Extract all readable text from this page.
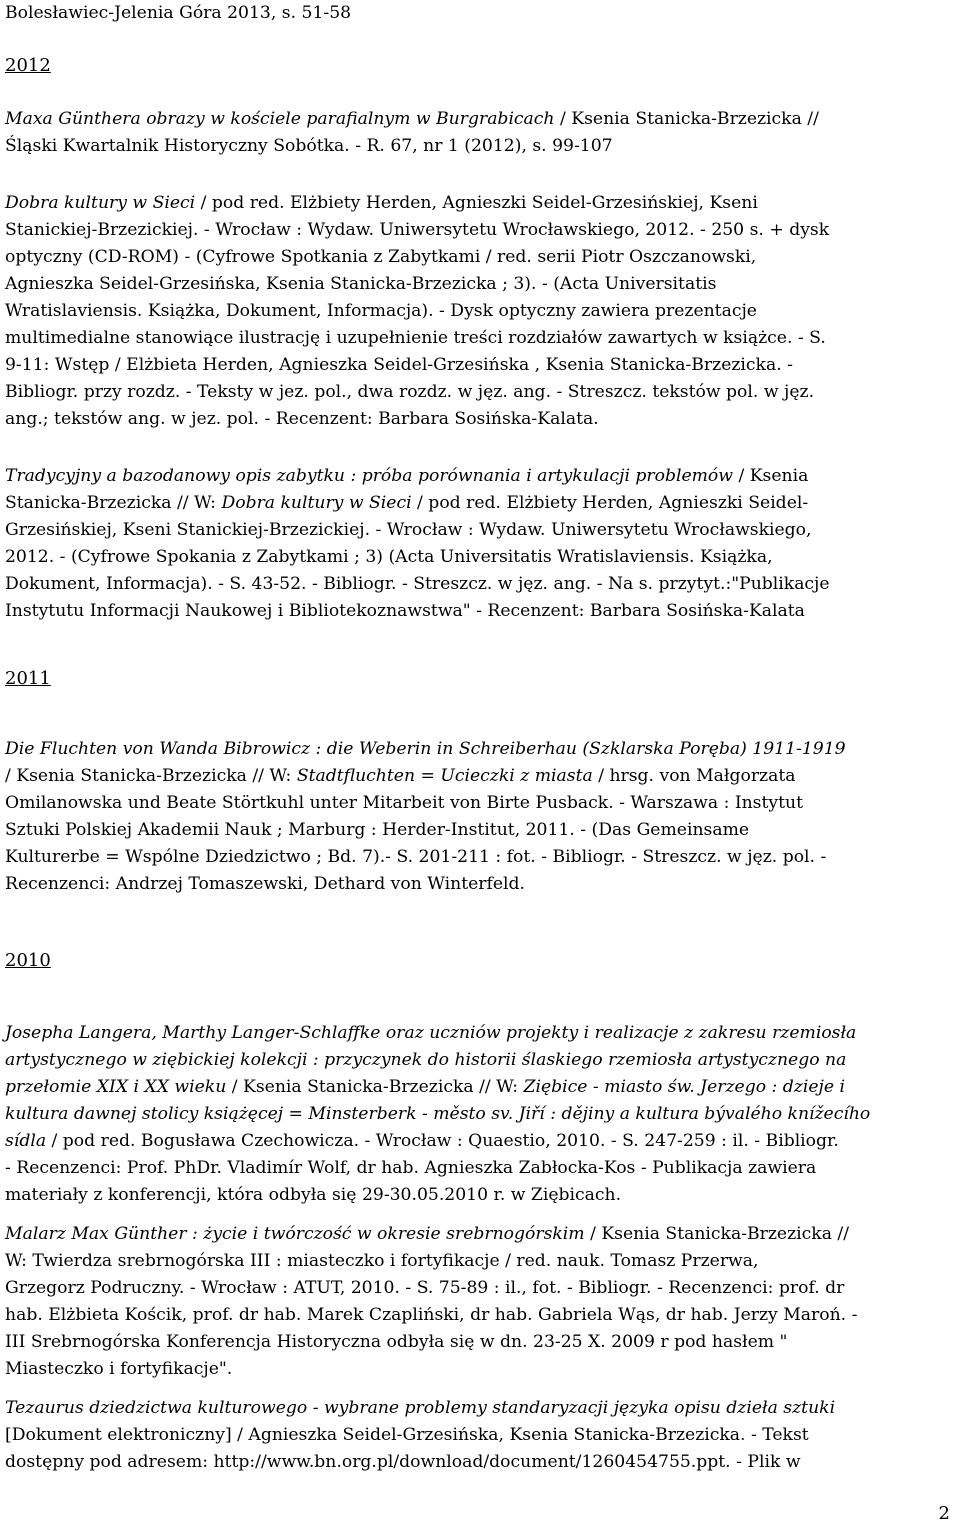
Bolesławiec-Jelenia Góra 2013, s. 51-58
2012
Maxa Günthera obrazy w kościele parafialnym w Burgrabicach / Ksenia Stanicka-Brzezicka //
Śląski Kwartalnik Historyczny Sobótka. - R. 67, nr 1 (2012), s. 99-107
Dobra kultury w Sieci / pod red. Elżbiety Herden, Agnieszki Seidel-Grzesińskiej, Kseni
Stanickiej-Brzezickiej. - Wrocław : Wydaw. Uniwersytetu Wrocławskiego, 2012. - 250 s. + dysk
optyczny (CD-ROM) - (Cyfrowe Spotkania z Zabytkami / red. serii Piotr Oszczanowski,
Agnieszka Seidel-Grzesińska, Ksenia Stanicka-Brzezicka ; 3). - (Acta Universitatis
Wratislaviensis. Książka, Dokument, Informacja). - Dysk optyczny zawiera prezentacje
multimedialne stanowiące ilustrację i uzupełnienie treści rozdziałów zawartych w książce. - S.
9-11: Wstęp / Elżbieta Herden, Agnieszka Seidel-Grzesińska , Ksenia Stanicka-Brzezicka. -
Bibliogr. przy rozdz. - Teksty w jez. pol., dwa rozdz. w jęz. ang. - Streszcz. tekstów pol. w jęz.
ang.; tekstów ang. w jez. pol. - Recenzent: Barbara Sosińska-Kalata.
Tradycyjny a bazodanowy opis zabytku : próba porównania i artykulacji problemów / Ksenia
Stanicka-Brzezicka // W: Dobra kultury w Sieci / pod red. Elżbiety Herden, Agnieszki Seidel-
Grzesińskiej, Kseni Stanickiej-Brzezickiej. - Wrocław : Wydaw. Uniwersytetu Wrocławskiego,
2012. - (Cyfrowe Spokania z Zabytkami ; 3) (Acta Universitatis Wratislaviensis. Książka,
Dokument, Informacja). - S. 43-52. - Bibliogr. - Streszcz. w jęz. ang. - Na s. przytyt.:"Publikacje
Instytutu Informacji Naukowej i Bibliotekoznawstwa" - Recenzent: Barbara Sosińska-Kalata
2011
Die Fluchten von Wanda Bibrowicz : die Weberin in Schreiberhau (Szklarska Poręba) 1911-1919
/ Ksenia Stanicka-Brzezicka // W: Stadtfluchten = Ucieczki z miasta / hrsg. von Małgorzata
Omilanowska und Beate Störtkuhl unter Mitarbeit von Birte Pusback. - Warszawa : Instytut
Sztuki Polskiej Akademii Nauk ; Marburg : Herder-Institut, 2011. - (Das Gemeinsame
Kulturerbe = Wspólne Dziedzictwo ; Bd. 7).- S. 201-211 : fot. - Bibliogr. - Streszcz. w jęz. pol. -
Recenzenci: Andrzej Tomaszewski, Dethard von Winterfeld.
2010
Josepha Langera, Marthy Langer-Schlaffke oraz uczniów projekty i realizacje z zakresu rzemiosła
artystycznego w ziębickiej kolekcji : przyczynek do historii ślaskiego rzemiosła artystycznego na
przełomie XIX i XX wieku / Ksenia Stanicka-Brzezicka // W: Ziębice - miasto św. Jerzego : dzieje i
kultura dawnej stolicy książęcej = Minsterberk - město sv. Jiří : dějiny a kultura bývalého knížecího
sídla / pod red. Bogusława Czechowicza. - Wrocław : Quaestio, 2010. - S. 247-259 : il. - Bibliogr.
- Recenzenci: Prof. PhDr. Vladimír Wolf, dr hab. Agnieszka Zabłocka-Kos - Publikacja zawiera
materiały z konferencji, która odbyła się 29-30.05.2010 r. w Ziębicach.
Malarz Max Günther : życie i twórczość w okresie srebrnogórskim / Ksenia Stanicka-Brzezicka //
W: Twierdza srebrnogórska III : miasteczko i fortyfikacje / red. nauk. Tomasz Przerwa,
Grzegorz Podruczny. - Wrocław : ATUT, 2010. - S. 75-89 : il., fot. - Bibliogr. - Recenzenci: prof. dr
hab. Elżbieta Kościk, prof. dr hab. Marek Czapliński, dr hab. Gabriela Wąs, dr hab. Jerzy Maroń. -
III Srebrnogórska Konferencja Historyczna odbyła się w dn. 23-25 X. 2009 r pod hasłem "
Miasteczko i fortyfikacje".
Tezaurus dziedzictwa kulturowego - wybrane problemy standaryzacji języka opisu dzieła sztuki
[Dokument elektroniczny] / Agnieszka Seidel-Grzesińska, Ksenia Stanicka-Brzezicka. - Tekst
dostępny pod adresem: http://www.bn.org.pl/download/document/1260454755.ppt. - Plik w
2
